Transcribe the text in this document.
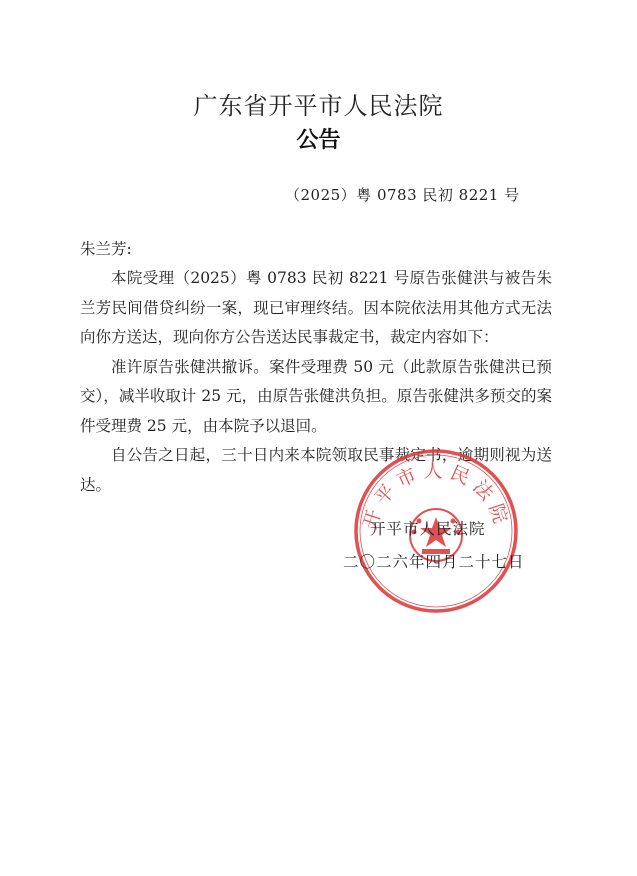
广东省开平市人民法院
公告
（2025）粤 0783 民初 8221 号
朱兰芳:

本院受理（2025）粤 0783 民初 8221 号原告张健洪与被告朱兰芳民间借贷纠纷一案，现已审理终结。因本院依法用其他方式无法向你方送达，现向你方公告送达民事裁定书，裁定内容如下：

准许原告张健洪撤诉。案件受理费 50 元（此款原告张健洪已预交），减半收取计 25 元，由原告张健洪负担。原告张健洪多预交的案件受理费 25 元，由本院予以退回。

自公告之日起，三十日内来本院领取民事裁定书，逾期则视为送达。

开平市人民法院
开平市人民法院
二〇二六年四月二十七日
